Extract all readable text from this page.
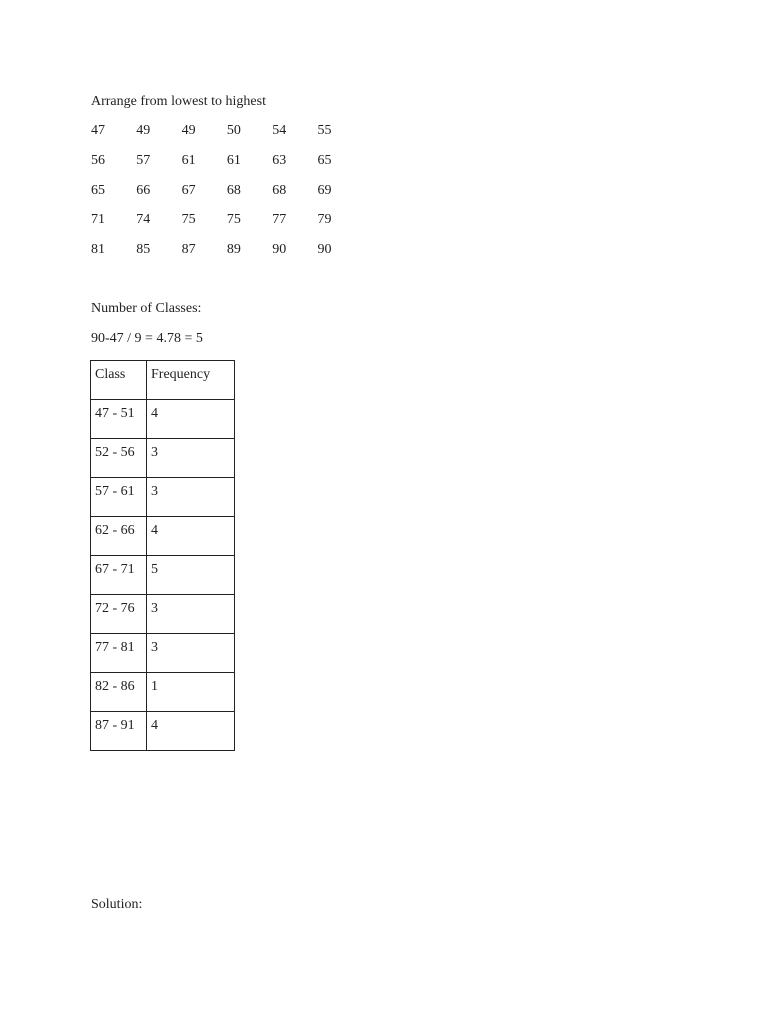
Arrange from lowest to highest
47	49	49	50	54	55
56	57	61	61	63	65
65	66	67	68	68	69
71	74	75	75	77	79
81	85	87	89	90	90
Number of Classes:
90-47 / 9 = 4.78 = 5
Class	Frequency
47 - 51	4
52 - 56	3
57 - 61	3
62 - 66	4
67 - 71	5
72 - 76	3
77 - 81	3
82 - 86	1
87 - 91	4
Solution:
